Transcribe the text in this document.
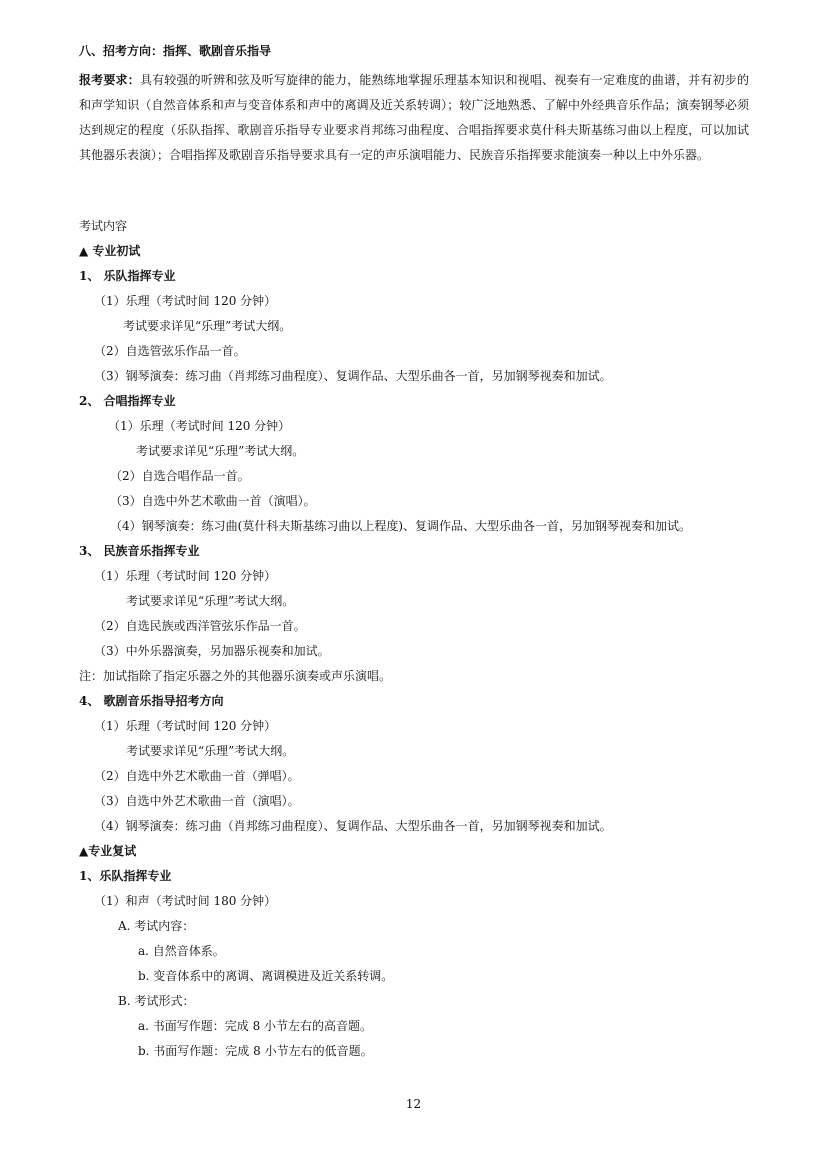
八、招考方向：指挥、歌剧音乐指导
报考要求：具有较强的听辨和弦及听写旋律的能力，能熟练地掌握乐理基本知识和视唱、视奏有一定难度的曲谱，并有初步的和声学知识（自然音体系和声与变音体系和声中的离调及近关系转调）；较广泛地熟悉、了解中外经典音乐作品；演奏钢琴必须达到规定的程度（乐队指挥、歌剧音乐指导专业要求肖邦练习曲程度、合唱指挥要求莫什科夫斯基练习曲以上程度，可以加试其他器乐表演）；合唱指挥及歌剧音乐指导要求具有一定的声乐演唱能力、民族音乐指挥要求能演奏一种以上中外乐器。
考试内容
▲ 专业初试
1、 乐队指挥专业
（1）乐理（考试时间 120 分钟）
考试要求详见“乐理”考试大纲。
（2）自选管弦乐作品一首。
（3）钢琴演奏：练习曲（肖邦练习曲程度）、复调作品、大型乐曲各一首，另加钢琴视奏和加试。
2、 合唱指挥专业
（1）乐理（考试时间 120 分钟）
考试要求详见“乐理”考试大纲。
（2）自选合唱作品一首。
（3）自选中外艺术歌曲一首（演唱）。
（4）钢琴演奏：练习曲(莫什科夫斯基练习曲以上程度)、复调作品、大型乐曲各一首，另加钢琴视奏和加试。
3、 民族音乐指挥专业
（1）乐理（考试时间 120 分钟）
考试要求详见“乐理”考试大纲。
（2）自选民族或西洋管弦乐作品一首。
（3）中外乐器演奏，另加器乐视奏和加试。
注：加试指除了指定乐器之外的其他器乐演奏或声乐演唱。
4、 歌剧音乐指导招考方向
（1）乐理（考试时间 120 分钟）
考试要求详见“乐理”考试大纲。
（2）自选中外艺术歌曲一首（弹唱）。
（3）自选中外艺术歌曲一首（演唱）。
（4）钢琴演奏：练习曲（肖邦练习曲程度）、复调作品、大型乐曲各一首，另加钢琴视奏和加试。
▲专业复试
1、乐队指挥专业
（1）和声（考试时间 180 分钟）
A. 考试内容：
a. 自然音体系。
b. 变音体系中的离调、离调模进及近关系转调。
B. 考试形式：
a. 书面写作题：完成 8 小节左右的高音题。
b. 书面写作题：完成 8 小节左右的低音题。
12
